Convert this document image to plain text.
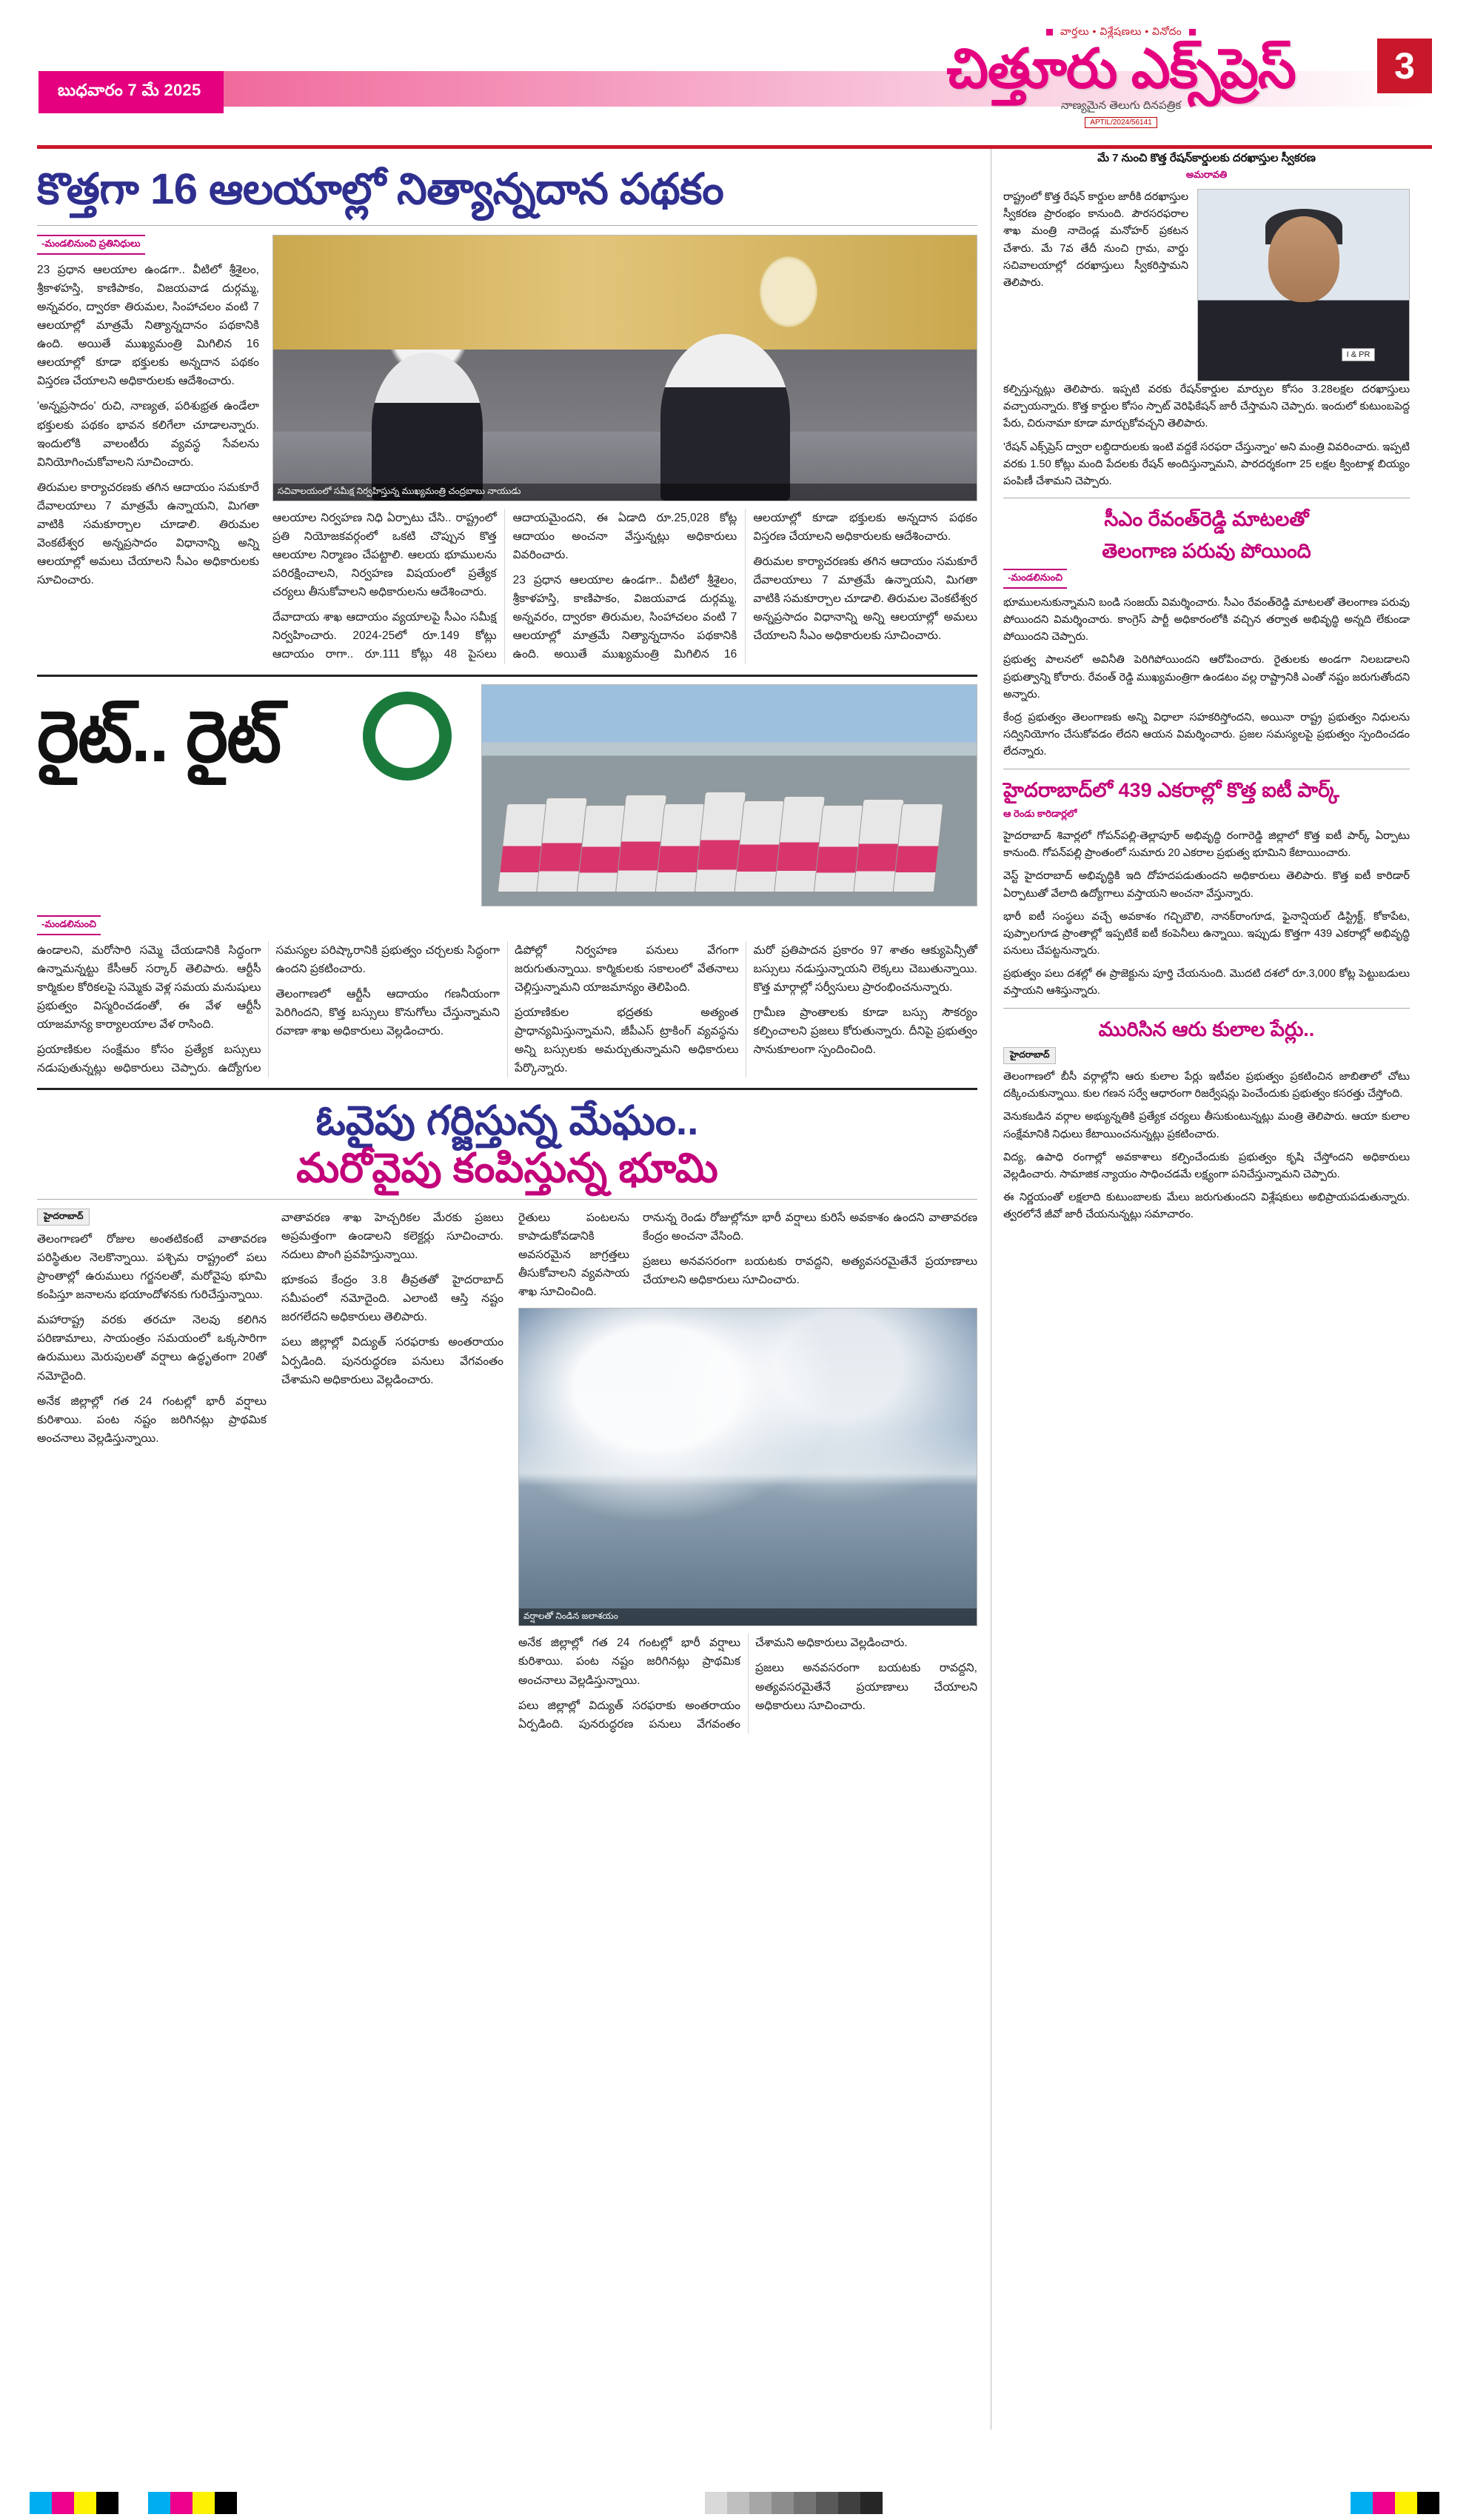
బుధవారం 7 మే 2025
వార్తలు • విశ్లేషణలు • వినోదం
చిత్తూరు ఎక్స్‌ప్రెస్
నాణ్యమైన తెలుగు దినపత్రిక
APTIL/2024/56141
3
కొత్తగా 16 ఆలయాల్లో నిత్యాన్నదాన పథకం
-మండలినుంచి ప్రతినిధులు

23 ప్రధాన ఆలయాల ఉండగా.. వీటిలో శ్రీశైలం, శ్రీకాళహస్తి, కాణిపాకం, విజయవాడ దుర్గమ్మ, అన్నవరం, ద్వారకా తిరుమల, సింహాచలం వంటి 7 ఆలయాల్లో మాత్రమే నిత్యాన్నదానం పథకానికి ఉంది. అయితే ముఖ్యమంత్రి మిగిలిన 16 ఆలయాల్లో కూడా భక్తులకు అన్నదాన పథకం విస్తరణ చేయాలని అధికారులకు ఆదేశించారు.

'అన్నప్రసాదం' రుచి, నాణ్యత, పరిశుభ్రత ఉండేలా భక్తులకు పథకం భావన కలిగేలా చూడాలన్నారు. ఇందులోకి వాలంటీరు వ్యవస్థ సేవలను వినియోగించుకోవాలని సూచించారు.

తిరుమల కార్యాచరణకు తగిన ఆదాయం సమకూరే దేవాలయాలు 7 మాత్రమే ఉన్నాయని, మిగతా వాటికి సమకూర్చాల చూడాలి. తిరుమల వెంకటేశ్వర అన్నప్రసాదం విధానాన్ని అన్ని ఆలయాల్లో అమలు చేయాలని సీఎం అధికారులకు సూచించారు.

సచివాలయంలో సమీక్ష నిర్వహిస్తున్న ముఖ్యమంత్రి చంద్రబాబు నాయుడు

ఆలయాల నిర్వహణ నిధి ఏర్పాటు చేసి.. రాష్ట్రంలో ప్రతి నియోజకవర్గంలో ఒకటి చొప్పున కొత్త ఆలయాల నిర్మాణం చేపట్టాలి. ఆలయ భూములను పరిరక్షించాలని, నిర్వహణ విషయంలో ప్రత్యేక చర్యలు తీసుకోవాలని అధికారులను ఆదేశించారు.

దేవాదాయ శాఖ ఆదాయం వ్యయాలపై సీఎం సమీక్ష నిర్వహించారు. 2024-25లో రూ.149 కోట్లు ఆదాయం రాగా.. రూ.111 కోట్లు 48 పైసలు ఆదాయమైందని, ఈ ఏడాది రూ.25,028 కోట్ల ఆదాయం అంచనా వేస్తున్నట్లు అధికారులు వివరించారు.

23 ప్రధాన ఆలయాల ఉండగా.. వీటిలో శ్రీశైలం, శ్రీకాళహస్తి, కాణిపాకం, విజయవాడ దుర్గమ్మ, అన్నవరం, ద్వారకా తిరుమల, సింహాచలం వంటి 7 ఆలయాల్లో మాత్రమే నిత్యాన్నదానం పథకానికి ఉంది. అయితే ముఖ్యమంత్రి మిగిలిన 16 ఆలయాల్లో కూడా భక్తులకు అన్నదాన పథకం విస్తరణ చేయాలని అధికారులకు ఆదేశించారు.

తిరుమల కార్యాచరణకు తగిన ఆదాయం సమకూరే దేవాలయాలు 7 మాత్రమే ఉన్నాయని, మిగతా వాటికి సమకూర్చాల చూడాలి. తిరుమల వెంకటేశ్వర అన్నప్రసాదం విధానాన్ని అన్ని ఆలయాల్లో అమలు చేయాలని సీఎం అధికారులకు సూచించారు.

రైట్.. రైట్
-మండలినుంచి

ఉండాలని, మరోసారి సమ్మె చేయడానికి సిద్ధంగా ఉన్నామన్నట్టు కేసీఆర్ సర్కార్ తెలిపారు. ఆర్టీసీ కార్మికుల కోరికలపై సమ్మెకు వెళ్ల సమయ మనుషులు ప్రభుత్వం విస్మరించడంతో, ఈ వేళ ఆర్టీసీ యాజమాన్య కార్యాలయాల వేళ రాసింది.

ప్రయాణికుల సంక్షేమం కోసం ప్రత్యేక బస్సులు నడుపుతున్నట్లు అధికారులు చెప్పారు. ఉద్యోగుల సమస్యల పరిష్కారానికి ప్రభుత్వం చర్చలకు సిద్ధంగా ఉందని ప్రకటించారు.

తెలంగాణలో ఆర్టీసీ ఆదాయం గణనీయంగా పెరిగిందని, కొత్త బస్సులు కొనుగోలు చేస్తున్నామని రవాణా శాఖ అధికారులు వెల్లడించారు.

డిపోల్లో నిర్వహణ పనులు వేగంగా జరుగుతున్నాయి. కార్మికులకు సకాలంలో వేతనాలు చెల్లిస్తున్నామని యాజమాన్యం తెలిపింది.

ప్రయాణికుల భద్రతకు అత్యంత ప్రాధాన్యమిస్తున్నామని, జీపీఎస్ ట్రాకింగ్ వ్యవస్థను అన్ని బస్సులకు అమర్చుతున్నామని అధికారులు పేర్కొన్నారు.

మరో ప్రతిపాదన ప్రకారం 97 శాతం ఆక్యుపెన్సీతో బస్సులు నడుస్తున్నాయని లెక్కలు చెబుతున్నాయి. కొత్త మార్గాల్లో సర్వీసులు ప్రారంభించనున్నారు.

గ్రామీణ ప్రాంతాలకు కూడా బస్సు సౌకర్యం కల్పించాలని ప్రజలు కోరుతున్నారు. దీనిపై ప్రభుత్వం సానుకూలంగా స్పందించింది.

ఓవైపు గర్జిస్తున్న మేఘం..
మరోవైపు కంపిస్తున్న భూమి
హైదరాబాద్

తెలంగాణలో రోజుల అంతటికంటే వాతావరణ పరిస్థితుల నెలకొన్నాయి. పశ్చిమ రాష్ట్రంలో పలు ప్రాంతాల్లో ఉరుములు గర్జనలతో, మరోవైపు భూమి కంపిస్తూ జనాలను భయాందోళనకు గురిచేస్తున్నాయి.

మహారాష్ట్ర వరకు తరచూ నెలవు కలిగిన పరిణామాలు, సాయంత్రం సమయంలో ఒక్కసారిగా ఉరుములు మెరుపులతో వర్షాలు ఉద్ధృతంగా 20తో నమోదైంది.

అనేక జిల్లాల్లో గత 24 గంటల్లో భారీ వర్షాలు కురిశాయి. పంట నష్టం జరిగినట్లు ప్రాథమిక అంచనాలు వెల్లడిస్తున్నాయి.

వాతావరణ శాఖ హెచ్చరికల మేరకు ప్రజలు అప్రమత్తంగా ఉండాలని కలెక్టర్లు సూచించారు. నదులు పొంగి ప్రవహిస్తున్నాయి.

భూకంప కేంద్రం 3.8 తీవ్రతతో హైదరాబాద్ సమీపంలో నమోదైంది. ఎలాంటి ఆస్తి నష్టం జరగలేదని అధికారులు తెలిపారు.

పలు జిల్లాల్లో విద్యుత్ సరఫరాకు అంతరాయం ఏర్పడింది. పునరుద్ధరణ పనులు వేగవంతం చేశామని అధికారులు వెల్లడించారు.

రైతులు పంటలను కాపాడుకోవడానికి అవసరమైన జాగ్రత్తలు తీసుకోవాలని వ్యవసాయ శాఖ సూచించింది.

రానున్న రెండు రోజుల్లోనూ భారీ వర్షాలు కురిసే అవకాశం ఉందని వాతావరణ కేంద్రం అంచనా వేసింది.

ప్రజలు అనవసరంగా బయటకు రావద్దని, అత్యవసరమైతేనే ప్రయాణాలు చేయాలని అధికారులు సూచించారు.

వర్షాలతో నిండిన జలాశయం

అనేక జిల్లాల్లో గత 24 గంటల్లో భారీ వర్షాలు కురిశాయి. పంట నష్టం జరిగినట్లు ప్రాథమిక అంచనాలు వెల్లడిస్తున్నాయి.

పలు జిల్లాల్లో విద్యుత్ సరఫరాకు అంతరాయం ఏర్పడింది. పునరుద్ధరణ పనులు వేగవంతం చేశామని అధికారులు వెల్లడించారు.

ప్రజలు అనవసరంగా బయటకు రావద్దని, అత్యవసరమైతేనే ప్రయాణాలు చేయాలని అధికారులు సూచించారు.

మే 7 నుంచి కొత్త రేషన్‌కార్డులకు దరఖాస్తుల స్వీకరణ
అమరావతి

రాష్ట్రంలో కొత్త రేషన్ కార్డుల జారీకి దరఖాస్తుల స్వీకరణ ప్రారంభం కానుంది. పౌరసరఫరాల శాఖ మంత్రి నాదెండ్ల మనోహర్ ప్రకటన చేశారు. మే 7వ తేదీ నుంచి గ్రామ, వార్డు సచివాలయాల్లో దరఖాస్తులు స్వీకరిస్తామని తెలిపారు.

I & PR

కల్పిస్తున్నట్లు తెలిపారు. ఇప్పటి వరకు రేషన్‌కార్డుల మార్పుల కోసం 3.28లక్షల దరఖాస్తులు వచ్చాయన్నారు. కొత్త కార్డుల కోసం స్పాట్ వెరిఫికేషన్ జారీ చేస్తామని చెప్పారు. ఇందులో కుటుంబపెద్ద పేరు, చిరునామా కూడా మార్చుకోవచ్చని తెలిపారు.

'రేషన్ ఎక్స్‌ప్రెస్ ద్వారా లబ్ధిదారులకు ఇంటి వద్దకే సరఫరా చేస్తున్నాం' అని మంత్రి వివరించారు. ఇప్పటి వరకు 1.50 కోట్లు మంది పేదలకు రేషన్ అందిస్తున్నామని, పారదర్శకంగా 25 లక్షల క్వింటాళ్ల బియ్యం పంపిణీ చేశామని చెప్పారు.

సీఎం రేవంత్‌రెడ్డి మాటలతో
తెలంగాణ పరువు పోయింది
-మండలినుంచి

భూములనుకున్నామని బండి సంజయ్ విమర్శించారు. సీఎం రేవంత్‌రెడ్డి మాటలతో తెలంగాణ పరువు పోయిందని విమర్శించారు. కాంగ్రెస్ పార్టీ అధికారంలోకి వచ్చిన తర్వాత అభివృద్ధి అన్నది లేకుండా పోయిందని చెప్పారు.

ప్రభుత్వ పాలనలో అవినీతి పెరిగిపోయిందని ఆరోపించారు. రైతులకు అండగా నిలబడాలని ప్రభుత్వాన్ని కోరారు. రేవంత్ రెడ్డి ముఖ్యమంత్రిగా ఉండటం వల్ల రాష్ట్రానికి ఎంతో నష్టం జరుగుతోందని అన్నారు.

కేంద్ర ప్రభుత్వం తెలంగాణకు అన్ని విధాలా సహకరిస్తోందని, అయినా రాష్ట్ర ప్రభుత్వం నిధులను సద్వినియోగం చేసుకోవడం లేదని ఆయన విమర్శించారు. ప్రజల సమస్యలపై ప్రభుత్వం స్పందించడం లేదన్నారు.

హైదరాబాద్‌లో 439 ఎకరాల్లో కొత్త ఐటీ పార్క్
ఆ రెండు కారిడార్లలో

హైదరాబాద్ శివార్లలో గోపన్‌పల్లి-తెల్లాపూర్ అభివృద్ధి రంగారెడ్డి జిల్లాలో కొత్త ఐటీ పార్క్ ఏర్పాటు కానుంది. గోపన్‌పల్లి ప్రాంతంలో సుమారు 20 ఎకరాల ప్రభుత్వ భూమిని కేటాయించారు.

వెస్ట్ హైదరాబాద్ అభివృద్ధికి ఇది దోహదపడుతుందని అధికారులు తెలిపారు. కొత్త ఐటీ కారిడార్ ఏర్పాటుతో వేలాది ఉద్యోగాలు వస్తాయని అంచనా వేస్తున్నారు.

భారీ ఐటీ సంస్థలు వచ్చే అవకాశం గచ్చిబౌలి, నానక్‌రాంగూడ, ఫైనాన్షియల్ డిస్ట్రిక్ట్, కోకాపేట, పుప్పాలగూడ ప్రాంతాల్లో ఇప్పటికే ఐటీ కంపెనీలు ఉన్నాయి. ఇప్పుడు కొత్తగా 439 ఎకరాల్లో అభివృద్ధి పనులు చేపట్టనున్నారు.

ప్రభుత్వం పలు దశల్లో ఈ ప్రాజెక్టును పూర్తి చేయనుంది. మొదటి దశలో రూ.3,000 కోట్ల పెట్టుబడులు వస్తాయని ఆశిస్తున్నారు.

మురిసిన ఆరు కులాల పేర్లు..
హైదరాబాద్

తెలంగాణలో బీసీ వర్గాల్లోని ఆరు కులాల పేర్లు ఇటీవల ప్రభుత్వం ప్రకటించిన జాబితాలో చోటు దక్కించుకున్నాయి. కుల గణన సర్వే ఆధారంగా రిజర్వేషన్లు పెంచేందుకు ప్రభుత్వం కసరత్తు చేస్తోంది.

వెనుకబడిన వర్గాల అభ్యున్నతికి ప్రత్యేక చర్యలు తీసుకుంటున్నట్లు మంత్రి తెలిపారు. ఆయా కులాల సంక్షేమానికి నిధులు కేటాయించనున్నట్లు ప్రకటించారు.

విద్య, ఉపాధి రంగాల్లో అవకాశాలు కల్పించేందుకు ప్రభుత్వం కృషి చేస్తోందని అధికారులు వెల్లడించారు. సామాజిక న్యాయం సాధించడమే లక్ష్యంగా పనిచేస్తున్నామని చెప్పారు.

ఈ నిర్ణయంతో లక్షలాది కుటుంబాలకు మేలు జరుగుతుందని విశ్లేషకులు అభిప్రాయపడుతున్నారు. త్వరలోనే జీవో జారీ చేయనున్నట్లు సమాచారం.
